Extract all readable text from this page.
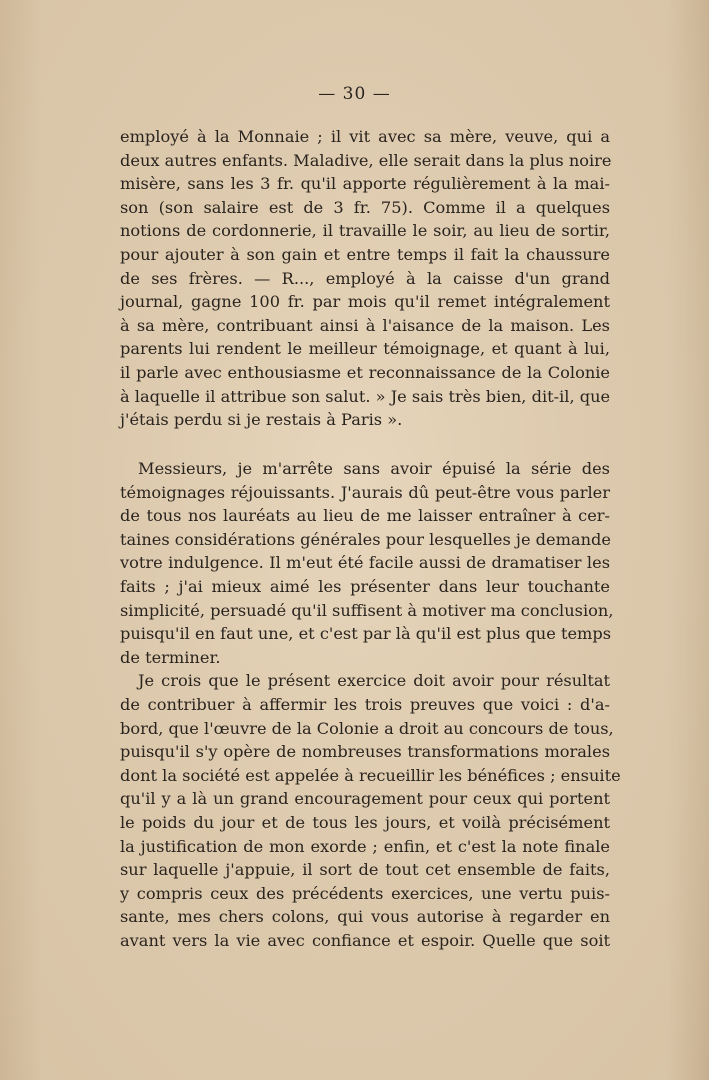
— 30 —
employé à la Monnaie ; il vit avec sa mère, veuve, qui a
deux autres enfants. Maladive, elle serait dans la plus noire
misère, sans les 3 fr. qu'il apporte régulièrement à la mai-
son (son salaire est de 3 fr. 75). Comme il a quelques
notions de cordonnerie, il travaille le soir, au lieu de sortir,
pour ajouter à son gain et entre temps il fait la chaussure
de ses frères. — R..., employé à la caisse d'un grand
journal, gagne 100 fr. par mois qu'il remet intégralement
à sa mère, contribuant ainsi à l'aisance de la maison. Les
parents lui rendent le meilleur témoignage, et quant à lui,
il parle avec enthousiasme et reconnaissance de la Colonie
à laquelle il attribue son salut. » Je sais très bien, dit-il, que
j'étais perdu si je restais à Paris ».
Messieurs, je m'arrête sans avoir épuisé la série des
témoignages réjouissants. J'aurais dû peut-être vous parler
de tous nos lauréats au lieu de me laisser entraîner à cer-
taines considérations générales pour lesquelles je demande
votre indulgence. Il m'eut été facile aussi de dramatiser les
faits ; j'ai mieux aimé les présenter dans leur touchante
simplicité, persuadé qu'il suffisent à motiver ma conclusion,
puisqu'il en faut une, et c'est par là qu'il est plus que temps
de terminer.
Je crois que le présent exercice doit avoir pour résultat
de contribuer à affermir les trois preuves que voici : d'a-
bord, que l'œuvre de la Colonie a droit au concours de tous,
puisqu'il s'y opère de nombreuses transformations morales
dont la société est appelée à recueillir les bénéfices ; ensuite
qu'il y a là un grand encouragement pour ceux qui portent
le poids du jour et de tous les jours, et voilà précisément
la justification de mon exorde ; enfin, et c'est la note finale
sur laquelle j'appuie, il sort de tout cet ensemble de faits,
y compris ceux des précédents exercices, une vertu puis-
sante, mes chers colons, qui vous autorise à regarder en
avant vers la vie avec confiance et espoir. Quelle que soit
